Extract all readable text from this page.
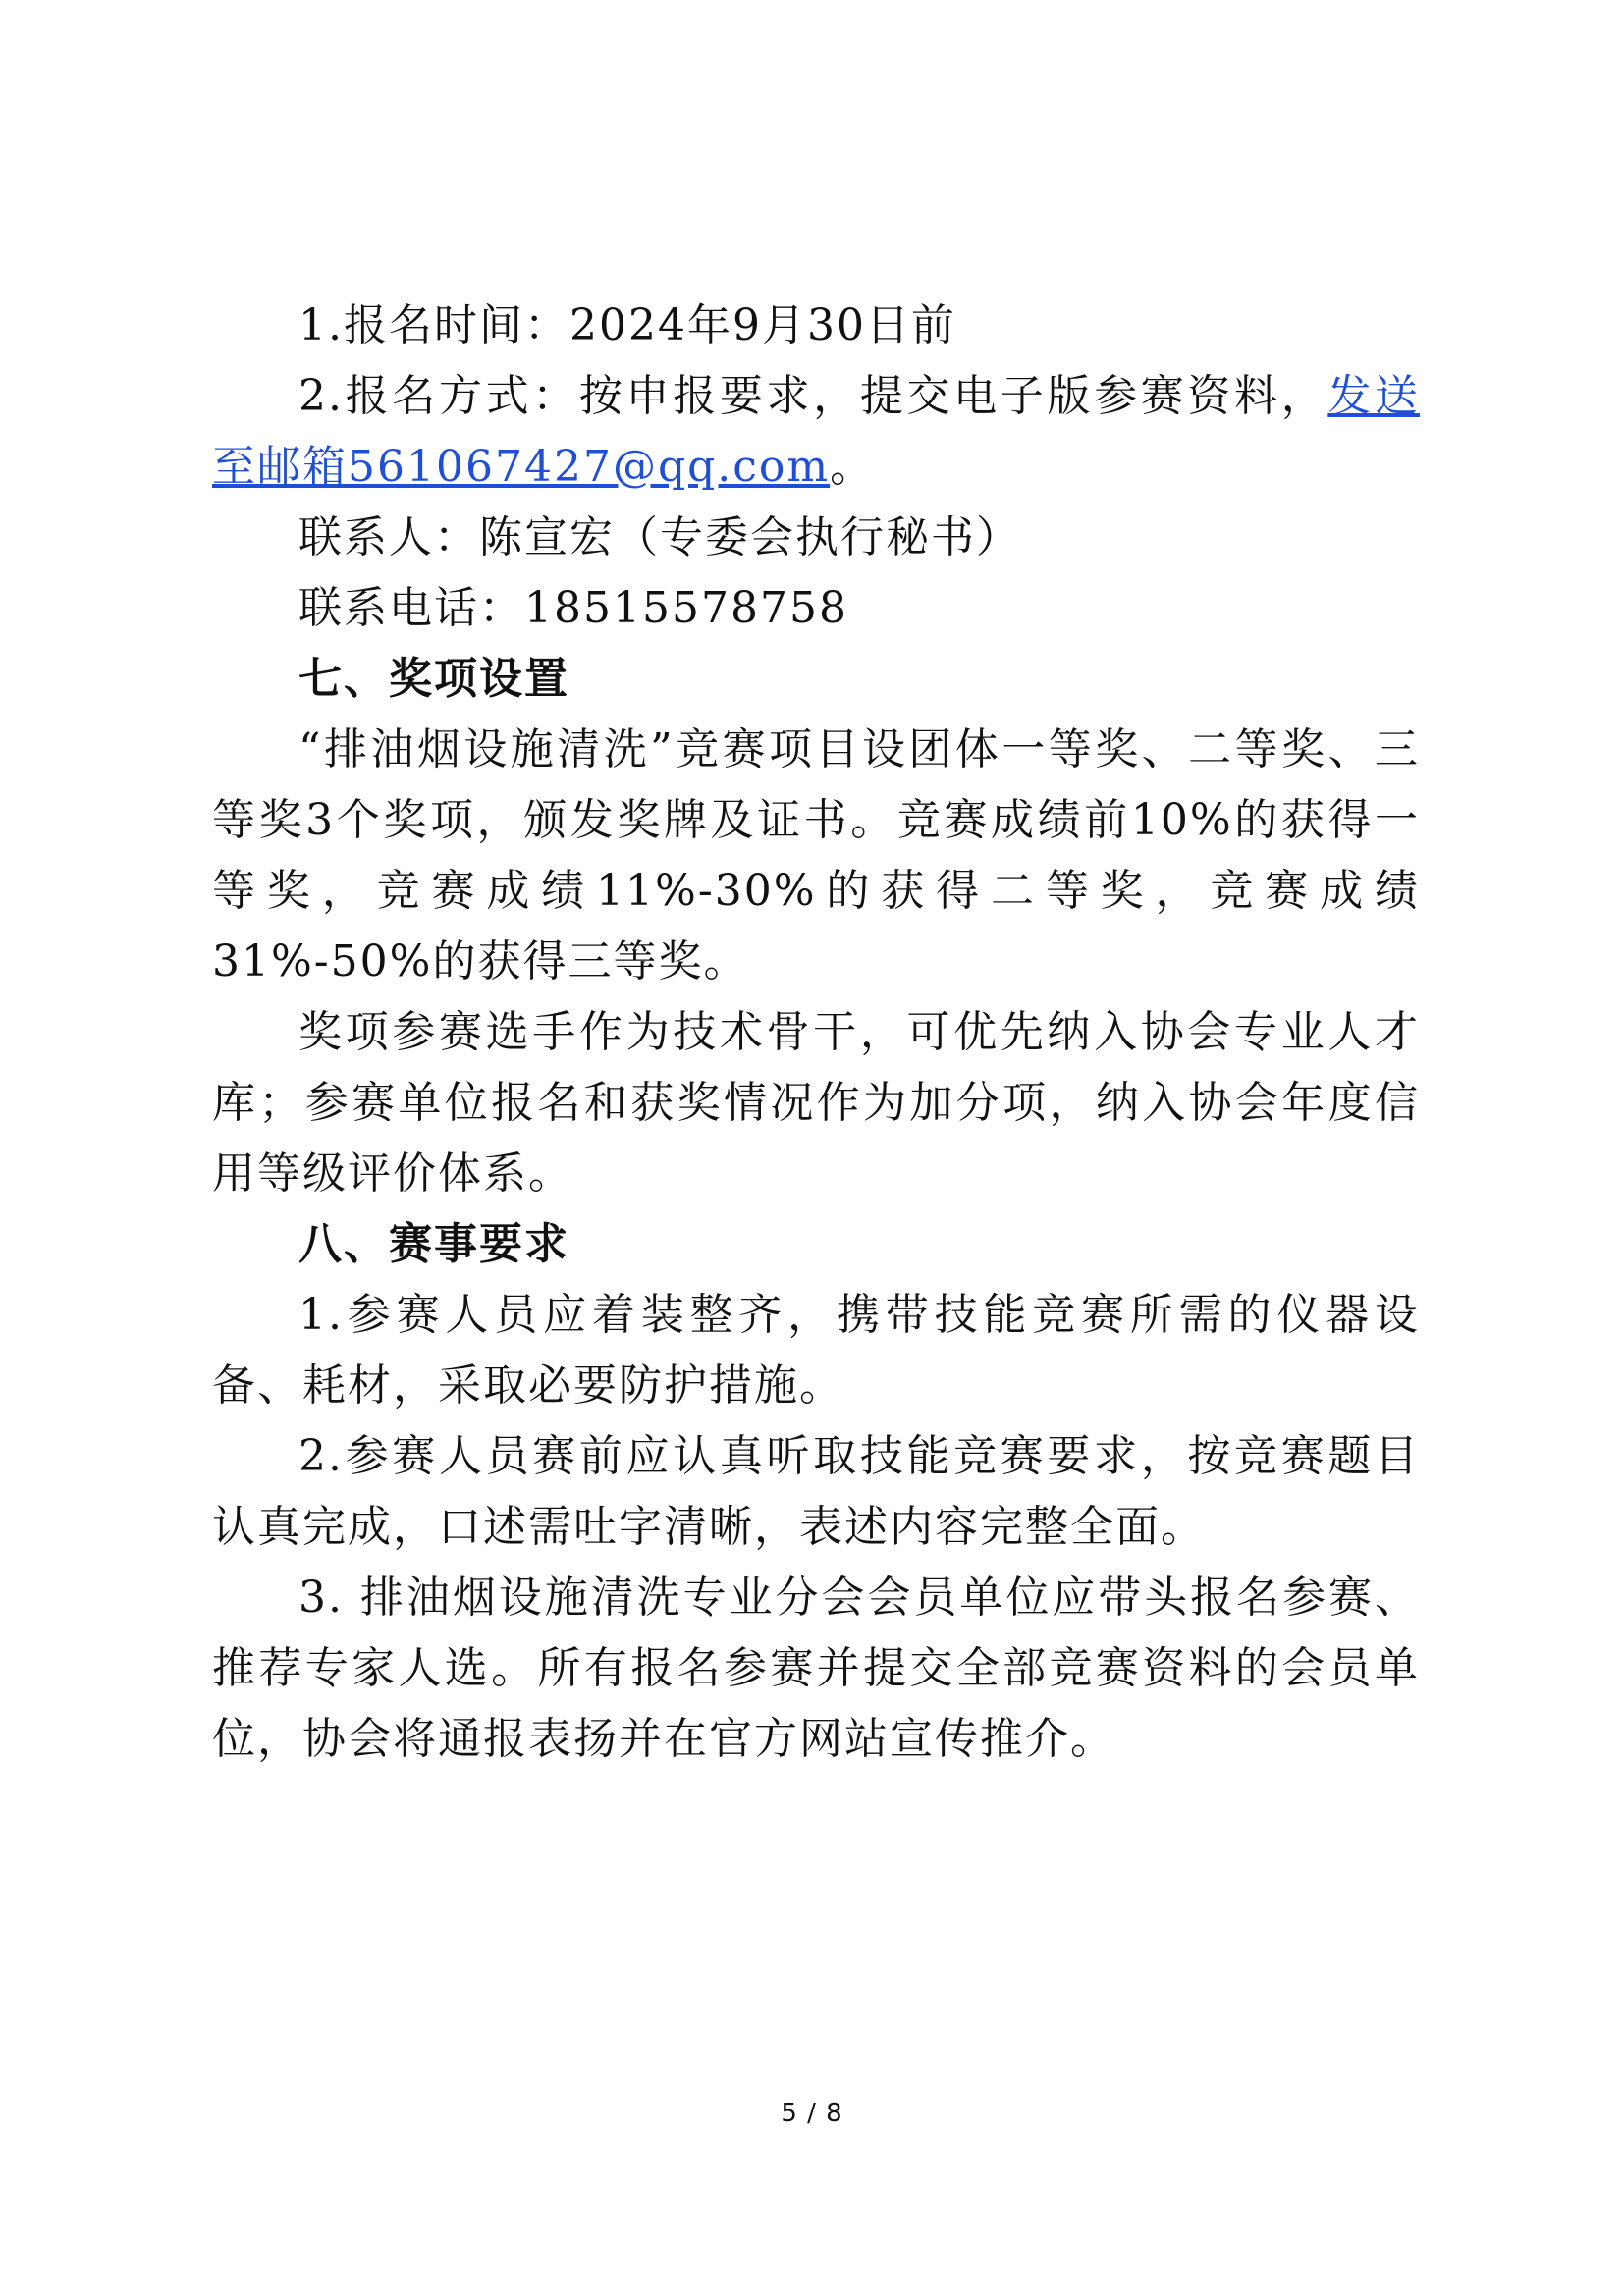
1.报名时间：2024年9月30日前

2.报名方式：按申报要求，提交电子版参赛资料，发送至邮箱561067427@qq.com。

联系人：陈宣宏（专委会执行秘书）

联系电话：18515578758

七、奖项设置

“排油烟设施清洗”竞赛项目设团体一等奖、二等奖、三等奖3个奖项，颁发奖牌及证书。竞赛成绩前10%的获得一等奖，竞赛成绩11%-30%的获得二等奖，竞赛成绩31%-50%的获得三等奖。

奖项参赛选手作为技术骨干，可优先纳入协会专业人才库；参赛单位报名和获奖情况作为加分项，纳入协会年度信用等级评价体系。

八、赛事要求

1.参赛人员应着装整齐，携带技能竞赛所需的仪器设备、耗材，采取必要防护措施。

2.参赛人员赛前应认真听取技能竞赛要求，按竞赛题目认真完成，口述需吐字清晰，表述内容完整全面。

3. 排油烟设施清洗专业分会会员单位应带头报名参赛、推荐专家人选。所有报名参赛并提交全部竞赛资料的会员单位，协会将通报表扬并在官方网站宣传推介。

5 / 8
